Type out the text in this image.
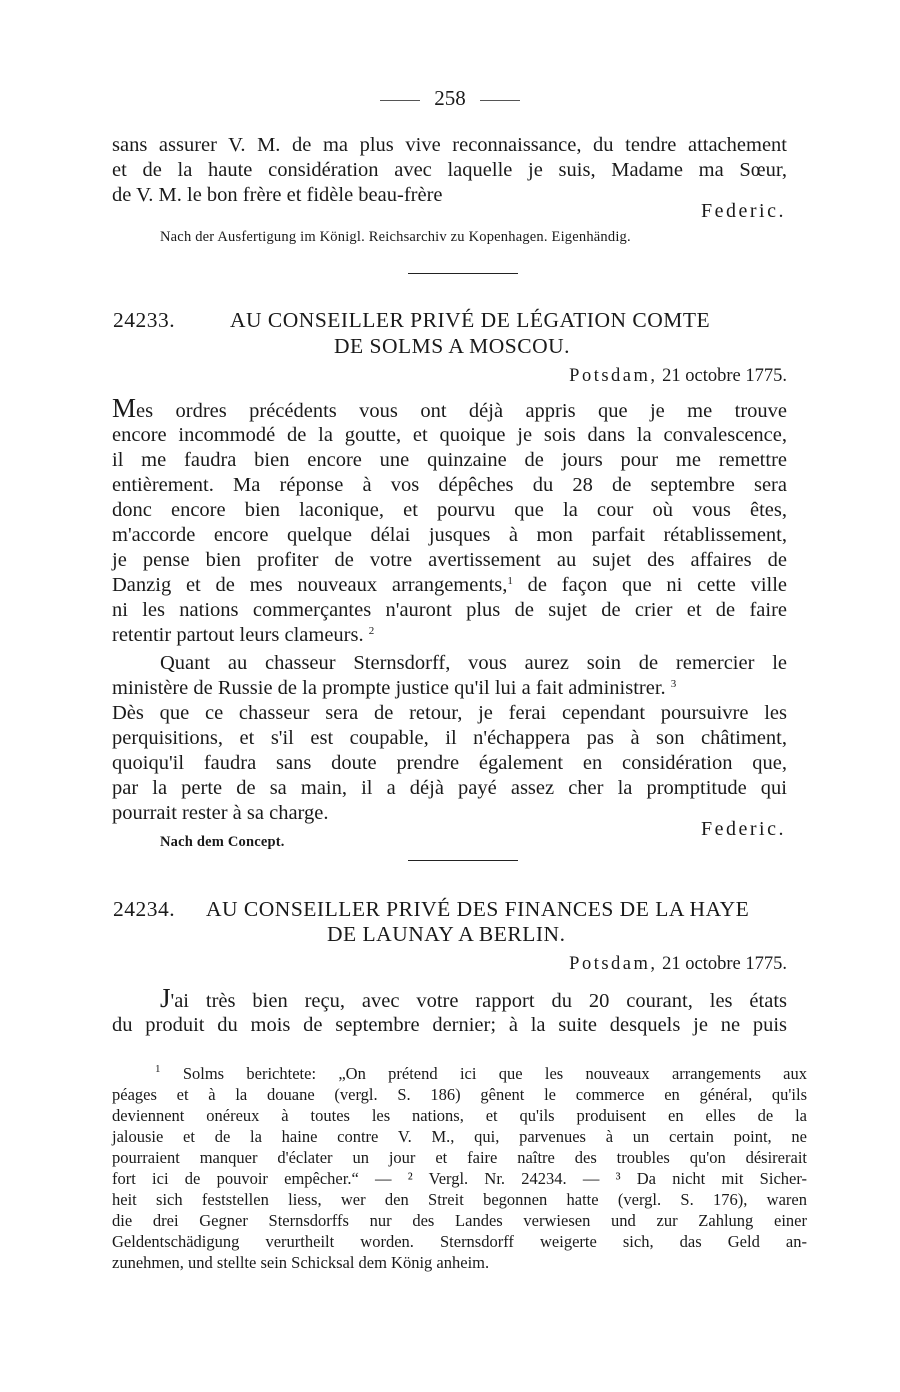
258
sans assurer V. M. de ma plus vive reconnaissance, du tendre attachement
et de la haute considération avec laquelle je suis, Madame ma Sœur,
de V. M. le bon frère et fidèle beau-frère
Federic.
Nach der Ausfertigung im Königl. Reichsarchiv zu Kopenhagen. Eigenhändig.
24233.	AU CONSEILLER PRIVÉ DE LÉGATION COMTE
DE SOLMS A MOSCOU.
Potsdam, 21 octobre 1775.
Mes ordres précédents vous ont déjà appris que je me trouve
encore incommodé de la goutte, et quoique je sois dans la convalescence,
il me faudra bien encore une quinzaine de jours pour me remettre
entièrement. Ma réponse à vos dépêches du 28 de septembre sera
donc encore bien laconique, et pourvu que la cour où vous êtes,
m'accorde encore quelque délai jusques à mon parfait rétablissement,
je pense bien profiter de votre avertissement au sujet des affaires de
Danzig et de mes nouveaux arrangements,$^1$ de façon que ni cette ville
ni les nations commerçantes n'auront plus de sujet de crier et de faire
retentir partout leurs clameurs. $^2$
Quant au chasseur Sternsdorff, vous aurez soin de remercier le
ministère de Russie de la prompte justice qu'il lui a fait administrer. $^3$
Dès que ce chasseur sera de retour, je ferai cependant poursuivre les
perquisitions, et s'il est coupable, il n'échappera pas à son châtiment,
quoiqu'il faudra sans doute prendre également en considération que,
par la perte de sa main, il a déjà payé assez cher la promptitude qui
pourrait rester à sa charge.
Federic.
Nach dem Concept.
24234. AU CONSEILLER PRIVÉ DES FINANCES DE LA HAYE
DE LAUNAY A BERLIN.
Potsdam, 21 octobre 1775.
J'ai très bien reçu, avec votre rapport du 20 courant, les états
du produit du mois de septembre dernier; à la suite desquels je ne puis
$^1$ Solms berichtete: „On prétend ici que les nouveaux arrangements aux
péages et à la douane (vergl. S. 186) gênent le commerce en général, qu'ils
deviennent onéreux à toutes les nations, et qu'ils produisent en elles de la
jalousie et de la haine contre V. M., qui, parvenues à un certain point, ne
pourraient manquer d'éclater un jour et faire naître des troubles qu'on désirerait
fort ici de pouvoir empêcher.“ — ² Vergl. Nr. 24234. — ³ Da nicht mit Sicher-
heit sich feststellen liess, wer den Streit begonnen hatte (vergl. S. 176), waren
die drei Gegner Sternsdorffs nur des Landes verwiesen und zur Zahlung einer
Geldentschädigung verurtheilt worden. Sternsdorff weigerte sich, das Geld an-
zunehmen, und stellte sein Schicksal dem König anheim.
